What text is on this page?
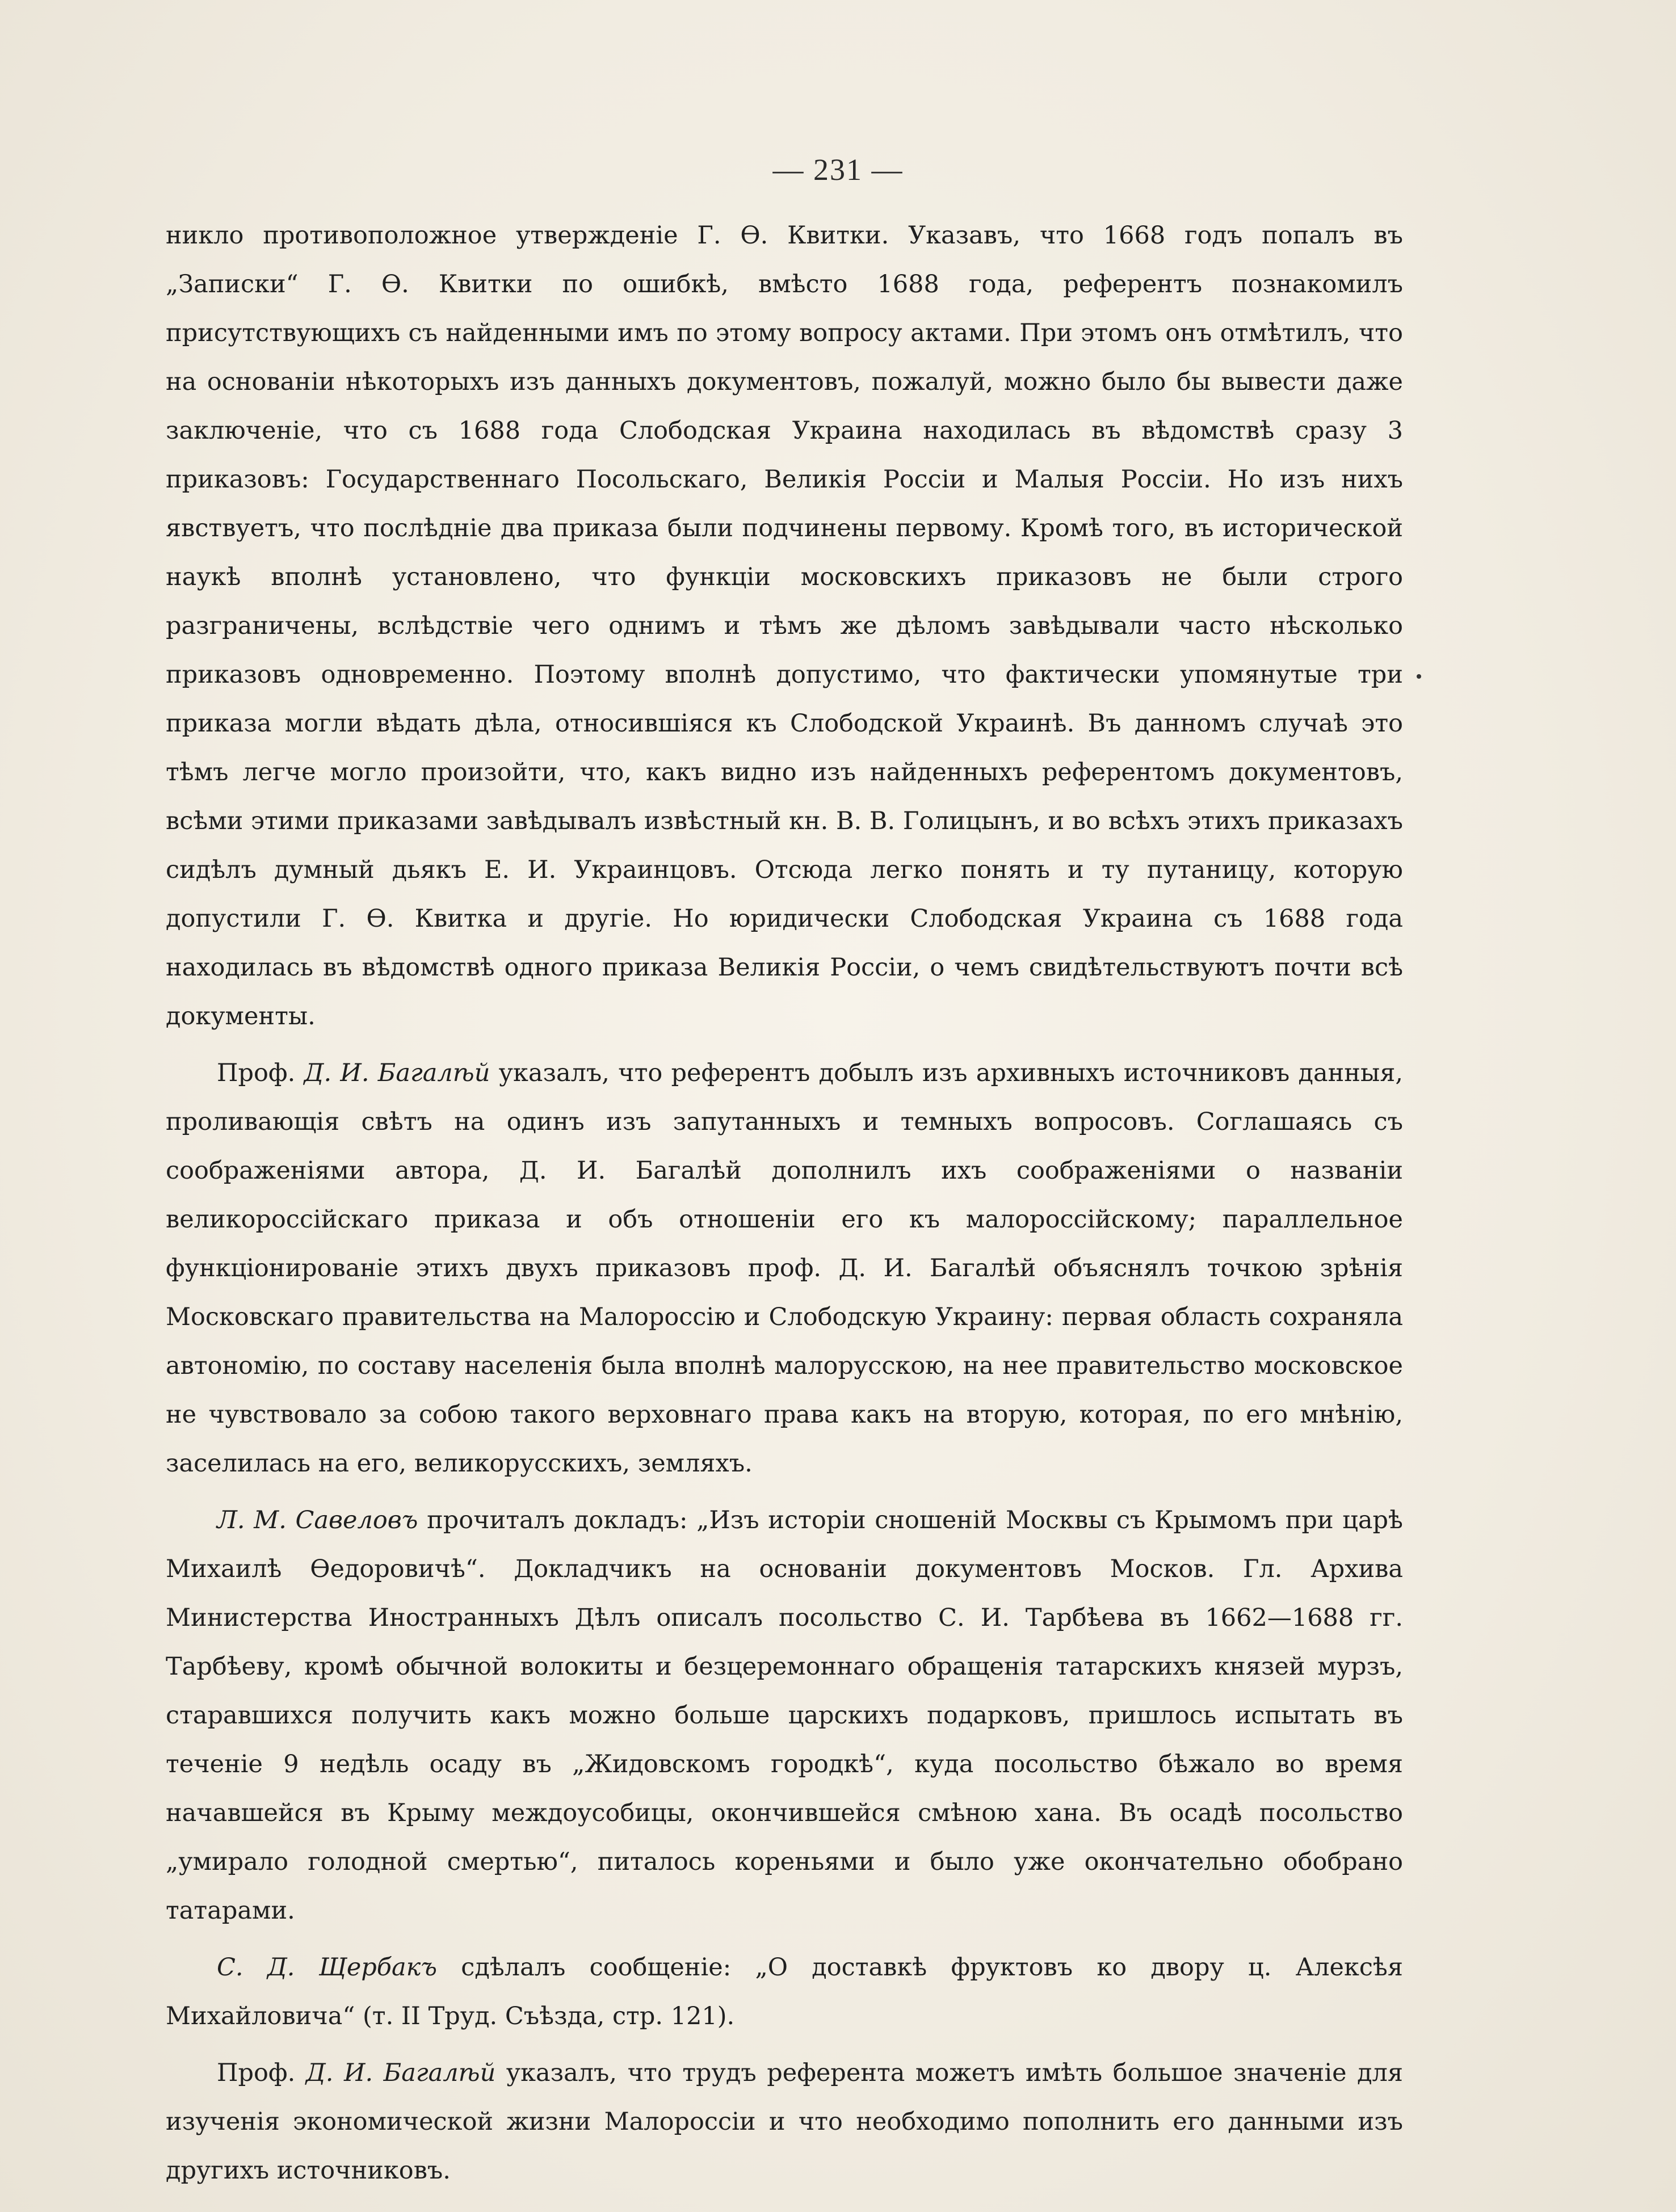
— 231 —

никло противоположное утвержденіе Г. Ѳ. Квитки. Указавъ, что 1668 годъ попалъ въ „Записки“ Г. Ѳ. Квитки по ошибкѣ, вмѣсто 1688 года, референтъ познакомилъ присутствующихъ съ найденными имъ по этому вопросу актами. При этомъ онъ отмѣтилъ, что на основаніи нѣкоторыхъ изъ данныхъ документовъ, пожалуй, можно было бы вывести даже заключеніе, что съ 1688 года Слободская Украина находилась въ вѣдомствѣ сразу 3 приказовъ: Государственнаго Посольскаго, Великія Россіи и Малыя Россіи. Но изъ нихъ явствуетъ, что послѣдніе два приказа были подчинены первому. Кромѣ того, въ исторической наукѣ вполнѣ установлено, что функціи московскихъ приказовъ не были строго разграничены, вслѣдствіе чего однимъ и тѣмъ же дѣломъ завѣдывали часто нѣсколько приказовъ одновременно. Поэтому вполнѣ допустимо, что фактически упомянутые три приказа могли вѣдать дѣла, относившіяся къ Слободской Украинѣ. Въ данномъ случаѣ это тѣмъ легче могло произойти, что, какъ видно изъ найденныхъ референтомъ документовъ, всѣми этими приказами завѣдывалъ извѣстный кн. В. В. Голицынъ, и во всѣхъ этихъ приказахъ сидѣлъ думный дьякъ Е. И. Украинцовъ. Отсюда легко понять и ту путаницу, которую допустили Г. Ѳ. Квитка и другіе. Но юридически Слободская Украина съ 1688 года находилась въ вѣдомствѣ одного приказа Великія Россіи, о чемъ свидѣтельствуютъ почти всѣ документы.

Проф. Д. И. Багалѣй указалъ, что референтъ добылъ изъ архивныхъ источниковъ данныя, проливающія свѣтъ на одинъ изъ запутанныхъ и темныхъ вопросовъ. Соглашаясь съ соображеніями автора, Д. И. Багалѣй дополнилъ ихъ соображеніями о названіи великороссійскаго приказа и объ отношеніи его къ малороссійскому; параллельное функціонированіе этихъ двухъ приказовъ проф. Д. И. Багалѣй объяснялъ точкою зрѣнія Московскаго правительства на Малороссію и Слободскую Украину: первая область сохраняла автономію, по составу населенія была вполнѣ малорусскою, на нее правительство московское не чувствовало за собою такого верховнаго права какъ на вторую, которая, по его мнѣнію, заселилась на его, великорусскихъ, земляхъ.

Л. М. Савеловъ прочиталъ докладъ: „Изъ исторіи сношеній Москвы съ Крымомъ при царѣ Михаилѣ Ѳедоровичѣ“. Докладчикъ на основаніи документовъ Москов. Гл. Архива Министерства Иностранныхъ Дѣлъ описалъ посольство С. И. Тарбѣева въ 1662—1688 гг. Тарбѣеву, кромѣ обычной волокиты и безцеремоннаго обращенія татарскихъ князей мурзъ, старавшихся получить какъ можно больше царскихъ подарковъ, пришлось испытать въ теченіе 9 недѣль осаду въ „Жидовскомъ городкѣ“, куда посольство бѣжало во время начавшейся въ Крыму междоусобицы, окончившейся смѣною хана. Въ осадѣ посольство „умирало голодной смертью“, питалось кореньями и было уже окончательно обобрано татарами.

С. Д. Щербакъ сдѣлалъ сообщеніе: „О доставкѣ фруктовъ ко двору ц. Алексѣя Михайловича“ (т. II Труд. Съѣзда, стр. 121).

Проф. Д. И. Багалѣй указалъ, что трудъ референта можетъ имѣть большое значеніе для изученія экономической жизни Малороссіи и что необходимо пополнить его данными изъ другихъ источниковъ.
